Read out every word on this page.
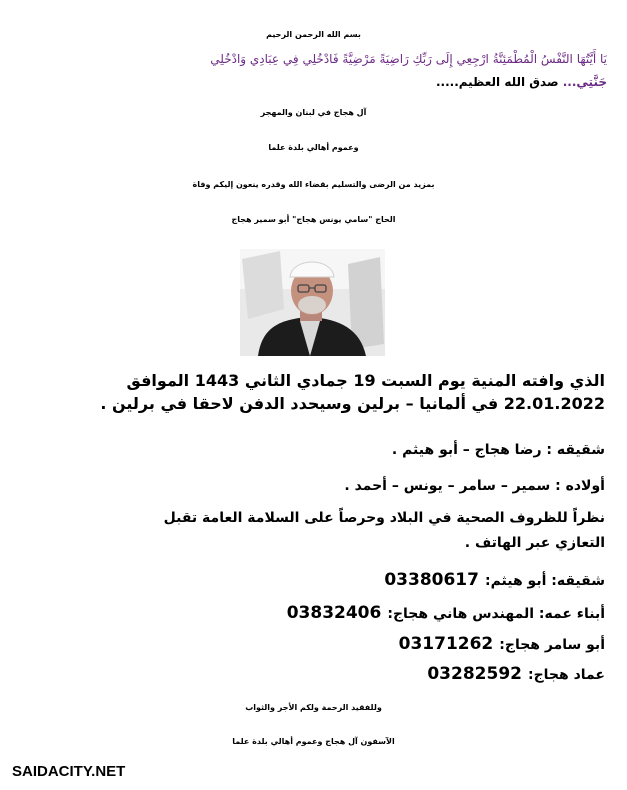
بسم الله الرحمن الرحيم
يَا أَيَّتُهَا النَّفْسُ الْمُطْمَئِنَّةُ ارْجِعِي إِلَى رَبِّكِ رَاضِيَةً مَرْضِيَّةً فَادْخُلِي فِي عِبَادِي وَادْخُلِي
جَنَّتِي... صدق الله العظيم.....
آل هجاج في لبنان والمهجر
وعموم أهالي بلدة علما
بمزيد من الرضى والتسليم بقضاء الله وقدره ينعون إليكم وفاة
الحاج "سامي يونس هجاج" أبو سمير هجاج
الذي وافته المنية يوم السبت 19 جمادي الثاني 1443 الموافق
22.01.2022 في ألمانيا – برلين وسيحدد الدفن لاحقا في برلين .
شقيقه : رضا هجاج – أبو هيثم .
أولاده : سمير – سامر – يونس – أحمد .
نظراً للظروف الصحية في البلاد وحرصاً على السلامة العامة تقبل
التعازي عبر الهاتف .
شقيقه: أبو هيثم:03380617
أبناء عمه: المهندس هاني هجاج:03832406
أبو سامر هجاج:03171262
عماد هجاج:03282592
وللفقيد الرحمة ولكم الأجر والثواب
الآسفون آل هجاج وعموم أهالي بلدة علما
SAIDACITY.NET
